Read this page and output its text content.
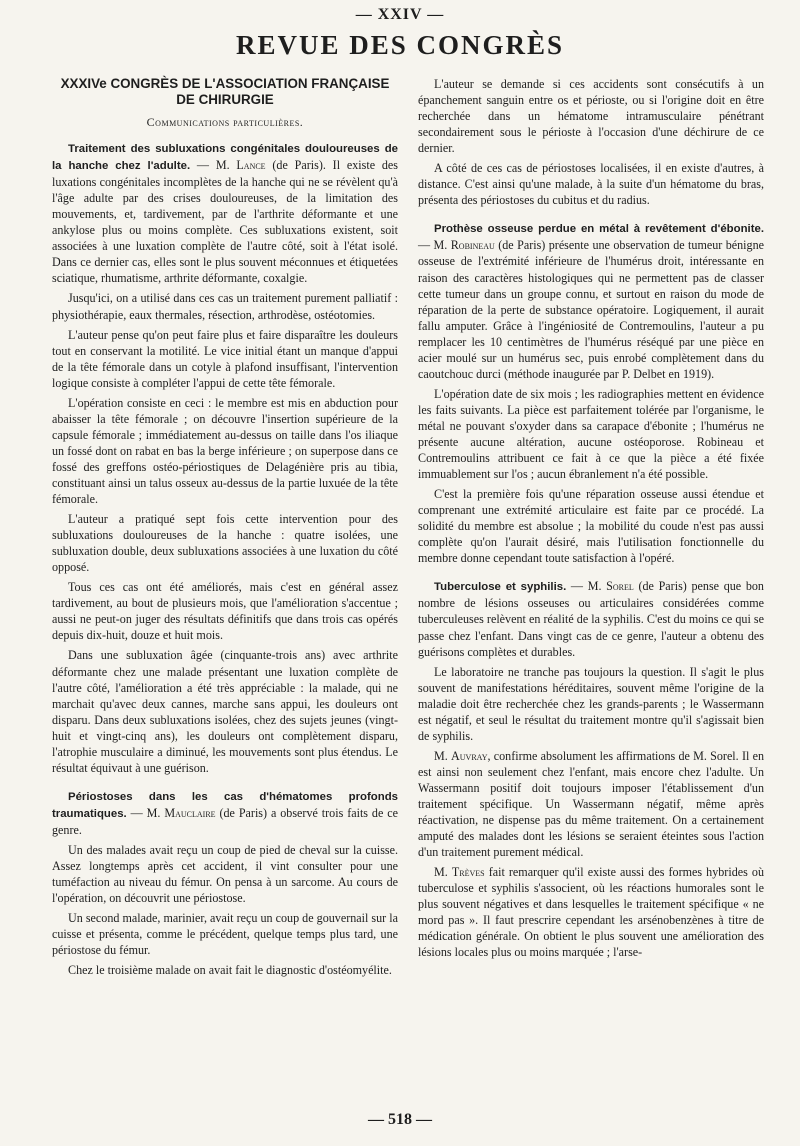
— XXIV —
REVUE DES CONGRÈS
XXXIVe CONGRÈS DE L'ASSOCIATION FRANÇAISE
DE CHIRURGIE
Communications particulières.

Traitement des subluxations congénitales douloureuses de la hanche chez l'adulte. — M. Lance (de Paris). Il existe des luxations congénitales incomplètes de la hanche qui ne se révèlent qu'à l'âge adulte par des crises douloureuses, de la limitation des mouvements, et, tardivement, par de l'arthrite déformante et une ankylose plus ou moins complète. Ces subluxations existent, soit associées à une luxation complète de l'autre côté, soit à l'état isolé. Dans ce dernier cas, elles sont le plus souvent méconnues et étiquetées sciatique, rhumatisme, arthrite déformante, coxalgie.

Jusqu'ici, on a utilisé dans ces cas un traitement purement palliatif : physiothérapie, eaux thermales, résection, arthrodèse, ostéotomies.

L'auteur pense qu'on peut faire plus et faire disparaître les douleurs tout en conservant la motilité. Le vice initial étant un manque d'appui de la tête fémorale dans un cotyle à plafond insuffisant, l'intervention logique consiste à compléter l'appui de cette tête fémorale.

L'opération consiste en ceci : le membre est mis en abduction pour abaisser la tête fémorale ; on découvre l'insertion supérieure de la capsule fémorale ; immédiatement au-dessus on taille dans l'os iliaque un fossé dont on rabat en bas la berge inférieure ; on superpose dans ce fossé des greffons ostéo-périostiques de Delagénière pris au tibia, constituant ainsi un talus osseux au-dessus de la partie luxuée de la tête fémorale.

L'auteur a pratiqué sept fois cette intervention pour des subluxations douloureuses de la hanche : quatre isolées, une subluxation double, deux subluxations associées à une luxation du côté opposé.

Tous ces cas ont été améliorés, mais c'est en général assez tardivement, au bout de plusieurs mois, que l'amélioration s'accentue ; aussi ne peut-on juger des résultats définitifs que dans trois cas opérés depuis dix-huit, douze et huit mois.

Dans une subluxation âgée (cinquante-trois ans) avec arthrite déformante chez une malade présentant une luxation complète de l'autre côté, l'amélioration a été très appréciable : la malade, qui ne marchait qu'avec deux cannes, marche sans appui, les douleurs ont disparu. Dans deux subluxations isolées, chez des sujets jeunes (vingt-huit et vingt-cinq ans), les douleurs ont complètement disparu, l'atrophie musculaire a diminué, les mouvements sont plus étendus. Le résultat équivaut à une guérison.

Périostoses dans les cas d'hématomes profonds traumatiques. — M. Mauclaire (de Paris) a observé trois faits de ce genre.

Un des malades avait reçu un coup de pied de cheval sur la cuisse. Assez longtemps après cet accident, il vint consulter pour une tuméfaction au niveau du fémur. On pensa à un sarcome. Au cours de l'opération, on découvrit une périostose.

Un second malade, marinier, avait reçu un coup de gouvernail sur la cuisse et présenta, comme le précédent, quelque temps plus tard, une périostose du fémur.

Chez le troisième malade on avait fait le diagnostic d'ostéomyélite.

L'auteur se demande si ces accidents sont consécutifs à un épanchement sanguin entre os et périoste, ou si l'origine doit en être recherchée dans un hématome intramusculaire pénétrant secondairement sous le périoste à l'occasion d'une déchirure de ce dernier.

A côté de ces cas de périostoses localisées, il en existe d'autres, à distance. C'est ainsi qu'une malade, à la suite d'un hématome du bras, présenta des périostoses du cubitus et du radius.

Prothèse osseuse perdue en métal à revêtement d'ébonite. — M. Robineau (de Paris) présente une observation de tumeur bénigne osseuse de l'extrémité inférieure de l'humérus droit, intéressante en raison des caractères histologiques qui ne permettent pas de classer cette tumeur dans un groupe connu, et surtout en raison du mode de réparation de la perte de substance opératoire. Logiquement, il aurait fallu amputer. Grâce à l'ingéniosité de Contremoulins, l'auteur a pu remplacer les 10 centimètres de l'humérus réséqué par une pièce en acier moulé sur un humérus sec, puis enrobé complètement dans du caoutchouc durci (méthode inaugurée par P. Delbet en 1919).

L'opération date de six mois ; les radiographies mettent en évidence les faits suivants. La pièce est parfaitement tolérée par l'organisme, le métal ne pouvant s'oxyder dans sa carapace d'ébonite ; l'humérus ne présente aucune altération, aucune ostéoporose. Robineau et Contremoulins attribuent ce fait à ce que la pièce a été fixée immuablement sur l'os ; aucun ébranlement n'a été possible.

C'est la première fois qu'une réparation osseuse aussi étendue et comprenant une extrémité articulaire est faite par ce procédé. La solidité du membre est absolue ; la mobilité du coude n'est pas aussi complète qu'on l'aurait désiré, mais l'utilisation fonctionnelle du membre donne cependant toute satisfaction à l'opéré.

Tuberculose et syphilis. — M. Sorel (de Paris) pense que bon nombre de lésions osseuses ou articulaires considérées comme tuberculeuses relèvent en réalité de la syphilis. C'est du moins ce qui se passe chez l'enfant. Dans vingt cas de ce genre, l'auteur a obtenu des guérisons complètes et durables.

Le laboratoire ne tranche pas toujours la question. Il s'agit le plus souvent de manifestations héréditaires, souvent même l'origine de la maladie doit être recherchée chez les grands-parents ; le Wassermann est négatif, et seul le résultat du traitement montre qu'il s'agissait bien de syphilis.

M. Auvray, confirme absolument les affirmations de M. Sorel. Il en est ainsi non seulement chez l'enfant, mais encore chez l'adulte. Un Wassermann positif doit toujours imposer l'établissement d'un traitement spécifique. Un Wassermann négatif, même après réactivation, ne dispense pas du même traitement. On a certainement amputé des malades dont les lésions se seraient éteintes sous l'action d'un traitement purement médical.

M. Trèves fait remarquer qu'il existe aussi des formes hybrides où tuberculose et syphilis s'associent, où les réactions humorales sont le plus souvent négatives et dans lesquelles le traitement spécifique « ne mord pas ». Il faut prescrire cependant les arsénobenzènes à titre de médication générale. On obtient le plus souvent une amélioration des lésions locales plus ou moins marquée ; l'arse-

— 518 —
